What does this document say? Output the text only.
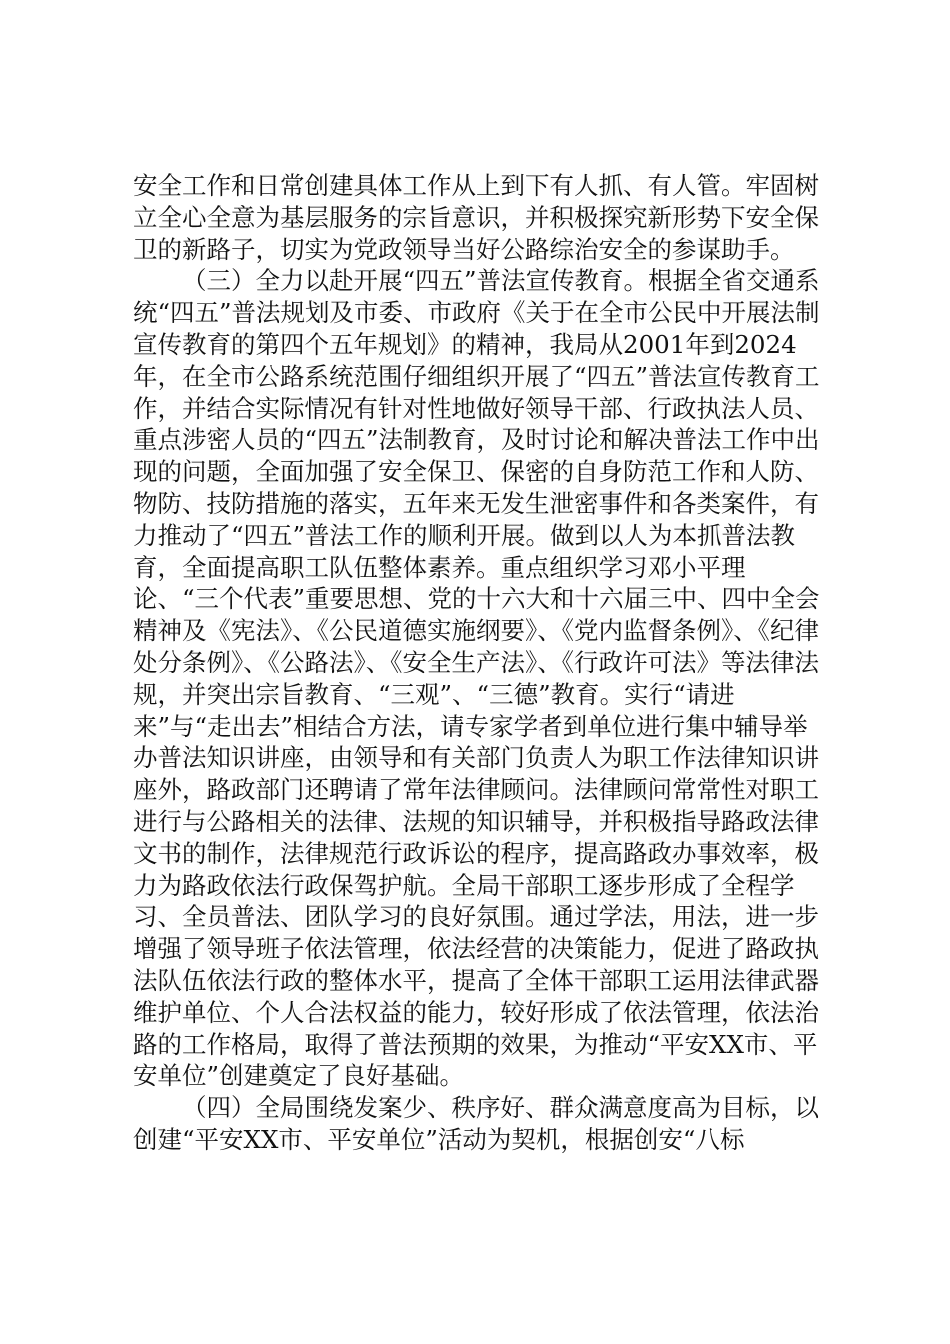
安全工作和日常创建具体工作从上到下有人抓、有人管。牢固树立全心全意为基层服务的宗旨意识，并积极探究新形势下安全保卫的新路子，切实为党政领导当好公路综治安全的参谋助手。

（三）全力以赴开展“四五”普法宣传教育。根据全省交通系统“四五”普法规划及市委、市政府《关于在全市公民中开展法制宣传教育的第四个五年规划》的精神，我局从2001年到2024年，在全市公路系统范围仔细组织开展了“四五”普法宣传教育工作，并结合实际情况有针对性地做好领导干部、行政执法人员、重点涉密人员的“四五”法制教育，及时讨论和解决普法工作中出现的问题，全面加强了安全保卫、保密的自身防范工作和人防、物防、技防措施的落实，五年来无发生泄密事件和各类案件，有力推动了“四五”普法工作的顺利开展。做到以人为本抓普法教育，全面提高职工队伍整体素养。重点组织学习邓小平理论、“三个代表”重要思想、党的十六大和十六届三中、四中全会精神及《宪法》、《公民道德实施纲要》、《党内监督条例》、《纪律处分条例》、《公路法》、《安全生产法》、《行政许可法》等法律法规，并突出宗旨教育、“三观”、“三德”教育。实行“请进来”与“走出去”相结合方法，请专家学者到单位进行集中辅导举办普法知识讲座，由领导和有关部门负责人为职工作法律知识讲座外，路政部门还聘请了常年法律顾问。法律顾问常常性对职工进行与公路相关的法律、法规的知识辅导，并积极指导路政法律文书的制作，法律规范行政诉讼的程序，提高路政办事效率，极力为路政依法行政保驾护航。全局干部职工逐步形成了全程学习、全员普法、团队学习的良好氛围。通过学法，用法，进一步增强了领导班子依法管理，依法经营的决策能力，促进了路政执法队伍依法行政的整体水平，提高了全体干部职工运用法律武器维护单位、个人合法权益的能力，较好形成了依法管理，依法治路的工作格局，取得了普法预期的效果，为推动“平安XX市、平安单位”创建奠定了良好基础。

（四）全局围绕发案少、秩序好、群众满意度高为目标，以创建“平安XX市、平安单位”活动为契机，根据创安“八标
